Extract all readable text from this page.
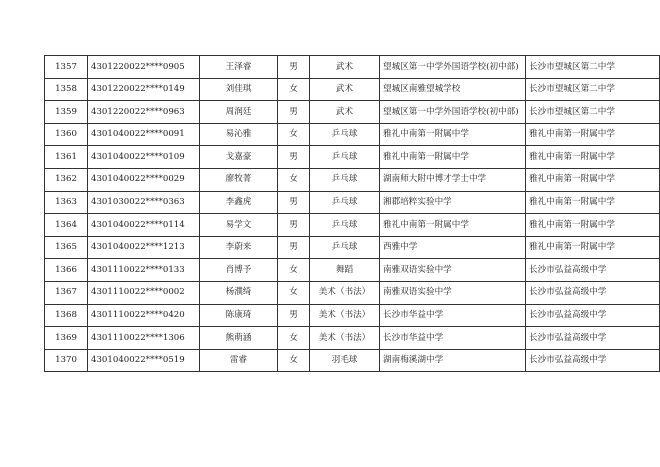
1357	4301220022****0905	王泽睿	男	武术	望城区第一中学外国语学校(初中部)	长沙市望城区第二中学
1358	4301220022****0149	刘佳琪	女	武术	望城区南雅望城学校	长沙市望城区第二中学
1359	4301220022****0963	周润廷	男	武术	望城区第一中学外国语学校(初中部)	长沙市望城区第二中学
1360	4301040022****0091	易沁雅	女	乒乓球	雅礼中南第一附属中学	雅礼中南第一附属中学
1361	4301040022****0109	戈嘉豪	男	乒乓球	雅礼中南第一附属中学	雅礼中南第一附属中学
1362	4301040022****0029	廖牧菁	女	乒乓球	湖南师大附中博才学士中学	雅礼中南第一附属中学
1363	4301030022****0363	李鑫虎	男	乒乓球	湘郡培粹实验中学	雅礼中南第一附属中学
1364	4301040022****0114	易学文	男	乒乓球	雅礼中南第一附属中学	雅礼中南第一附属中学
1365	4301040022****1213	李蔚来	男	乒乓球	西雅中学	雅礼中南第一附属中学
1366	4301110022****0133	肖博予	女	舞蹈	南雅双语实验中学	长沙市弘益高级中学
1367	4301110022****0002	杨濮绮	女	美术（书法）	南雅双语实验中学	长沙市弘益高级中学
1368	4301110022****0420	陈康琦	男	美术（书法）	长沙市华益中学	长沙市弘益高级中学
1369	4301110022****1306	熊萌涵	女	美术（书法）	长沙市华益中学	长沙市弘益高级中学
1370	4301040022****0519	雷睿	女	羽毛球	湖南梅溪湖中学	长沙市弘益高级中学
